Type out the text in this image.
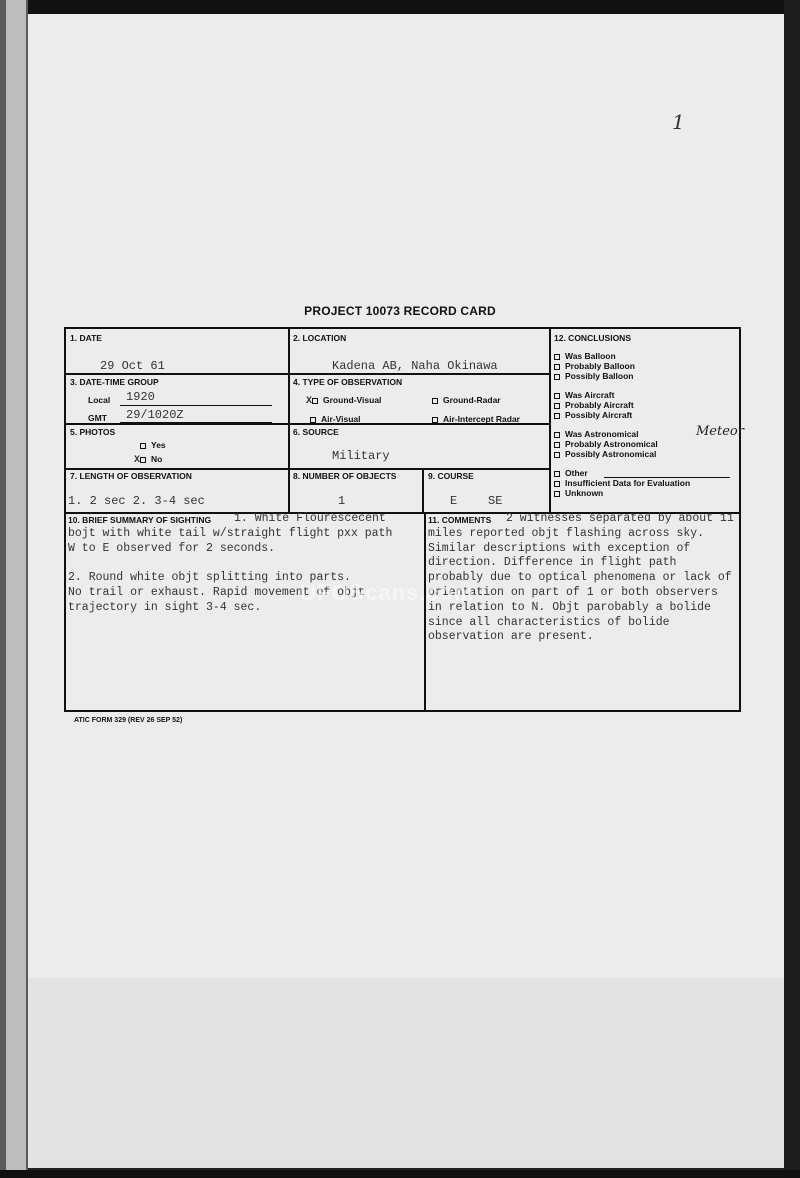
1
PROJECT 10073 RECORD CARD
1. DATE
29 Oct 61
2. LOCATION
Kadena AB, Naha Okinawa
3. DATE-TIME GROUP
Local 1920
GMT 29/1020Z
4. TYPE OF OBSERVATION
X Ground-Visual	Ground-Radar
Air-Visual	Air-Intercept Radar
5. PHOTOS
Yes
X No
6. SOURCE
Military
7. LENGTH OF OBSERVATION
1. 2 sec 2. 3-4 sec
8. NUMBER OF OBJECTS
1
9. COURSE
E	SE
10. BRIEF SUMMARY OF SIGHTING	1. White Flourescecent
bojt with white tail w/straight flight pxx path
W to E observed for 2 seconds.

2. Round white objt splitting into parts.
No trail or exhaust. Rapid movement of objt
trajectory in sight 3-4 sec.
11. COMMENTS	2 witnesses separated by about 11
miles reported objt flashing across sky.
Similar descriptions with exception of
direction. Difference in flight path
probably due to optical phenomena or lack of
orientation on part of 1 or both observers
in relation to N. Objt parobably a bolide
since all characteristics of bolide
observation are present.
12. CONCLUSIONS
Was Balloon
Probably Balloon
Possibly Balloon
Was Aircraft
Probably Aircraft
Possibly Aircraft
Was Astronomical
Probably Astronomical
Possibly Astronomical
Other
Insufficient Data for Evaluation
Unknown
Meteor
UFOScans.com
ATIC FORM 329 (REV 26 SEP 52)
